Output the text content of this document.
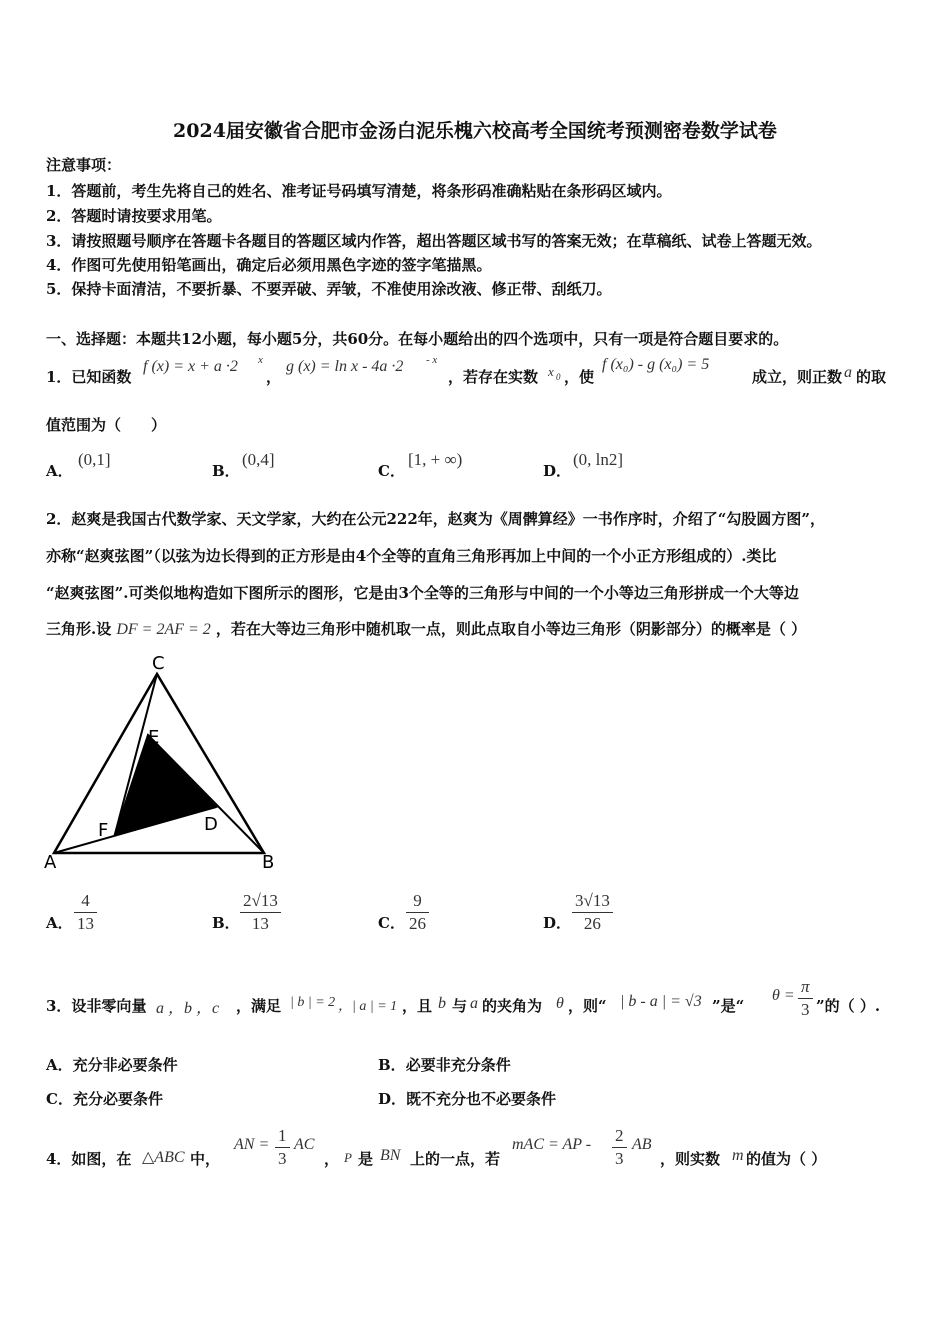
2024届安徽省合肥市金汤白泥乐槐六校高考全国统考预测密卷数学试卷
注意事项：
1．答题前，考生先将自己的姓名、准考证号码填写清楚，将条形码准确粘贴在条形码区域内。
2．答题时请按要求用笔。
3．请按照题号顺序在答题卡各题目的答题区域内作答，超出答题区域书写的答案无效；在草稿纸、试卷上答题无效。
4．作图可先使用铅笔画出，确定后必须用黑色字迹的签字笔描黑。
5．保持卡面清洁，不要折暴、不要弄破、弄皱，不准使用涂改液、修正带、刮纸刀。
一、选择题：本题共12小题，每小题5分，共60分。在每小题给出的四个选项中，只有一项是符合题目要求的。
1．已知函数
f (x) = x + a ·2 x
，
g (x) = ln x - 4a ·2 - x
，若存在实数 x 0 ，使
f (x₀) - g (x₀) = 5
成立，则正数 a 的取
值范围为（　　）
A．
(0,1]
B．
(0,4]
C．
[1, + ∞)
D．
(0, ln2]
2．赵爽是我国古代数学家、天文学家，大约在公元222年，赵爽为《周髀算经》一书作序时，介绍了“勾股圆方图”，
亦称“赵爽弦图”（以弦为边长得到的正方形是由4个全等的直角三角形再加上中间的一个小正方形组成的）.类比
“赵爽弦图”.可类似地构造如下图所示的图形，它是由3个全等的三角形与中间的一个小等边三角形拼成一个大等边
三角形.设 DF = 2AF = 2 ，若在大等边三角形中随机取一点，则此点取自小等边三角形（阴影部分）的概率是（ ）
C
E
F	D
A	B
A． $\frac{4}{13}$	B． $\frac{2√13}{13}$	C． $\frac{9}{26}$	D． $\frac{3√13}{26}$
3．设非零向量 a ，b ，c ，满足 | b | = 2 ，| a | = 1 ，且 b 与 a 的夹角为 θ ，则“ | b - a | = √3 ”是“
$\theta = \frac{\pi}{3}$ ”的（ ）.
A．充分非必要条件	B．必要非充分条件
C．充分必要条件	D．既不充分也不必要条件
4．如图，在 △ABC 中，
AN = $\frac{1}{3}$ AC
， P 是 BN 上的一点，若
mAC = AP - $\frac{2}{3}$ AB
，则实数 m 的值为（ ）
